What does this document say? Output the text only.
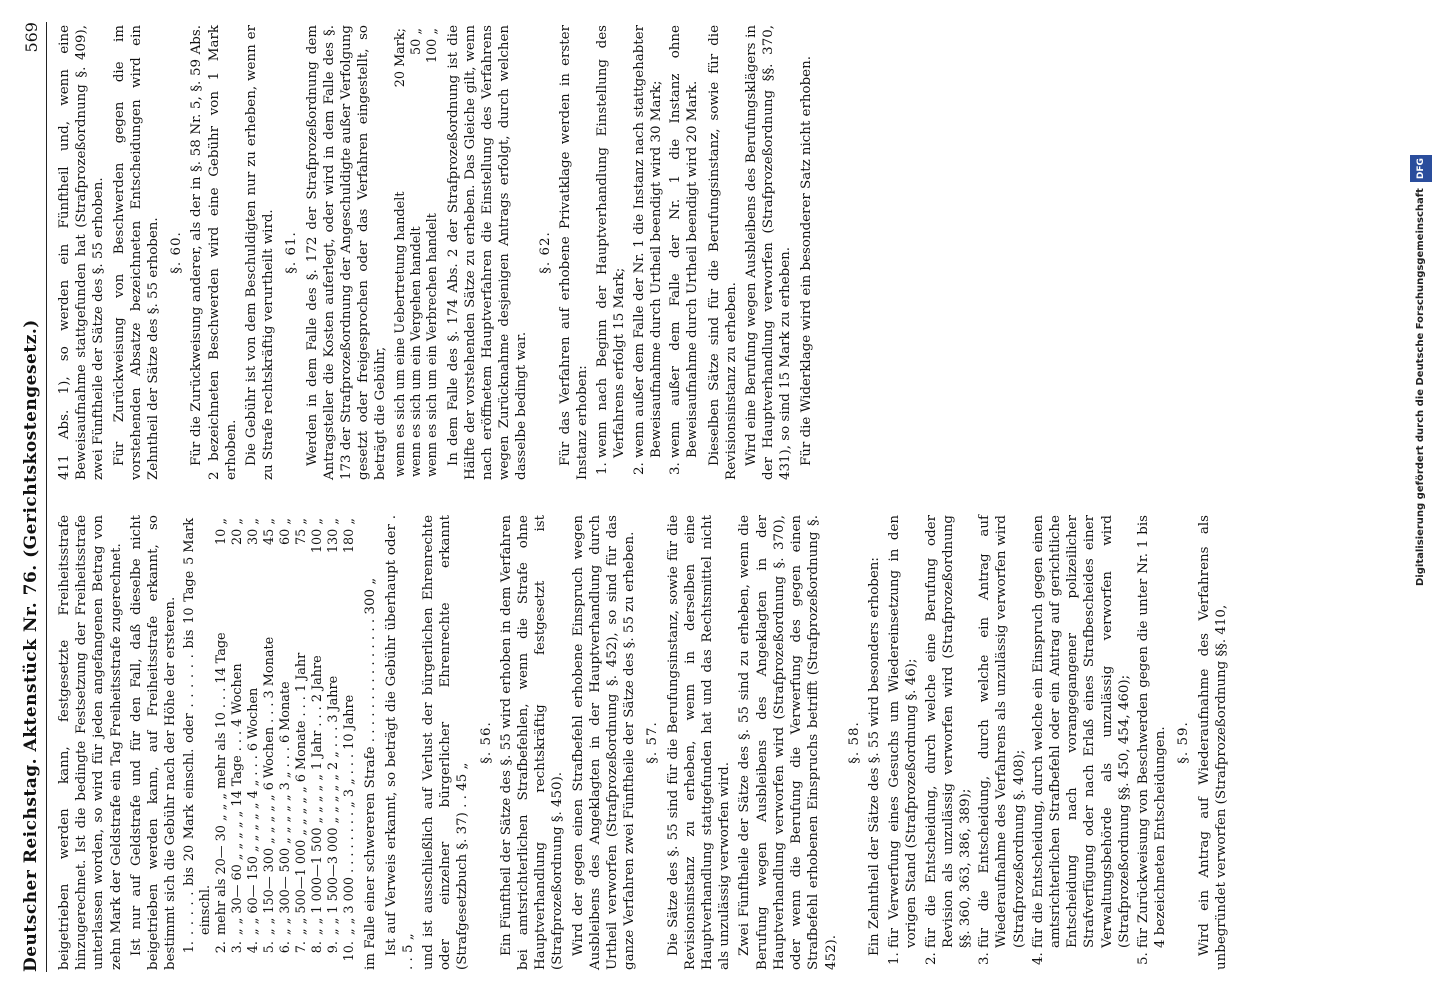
Deutscher Reichstag. Aktenstück Nr. 76. (Gerichtskostengesetz.)
569

beigetrieben werden kann, festgesetzte Freiheitsstrafe hinzugerechnet. Ist die bedingte Festsetzung der Freiheitsstrafe unterlassen worden, so wird für jeden angefangenen Betrag von zehn Mark der Geldstrafe ein Tag Freiheitsstrafe zugerechnet. Ist nur auf Geldstrafe und für den Fall, daß dieselbe nicht beigetrieben werden kann, auf Freiheitsstrafe erkannt, so bestimmt sich die Gebühr nach der Höhe der ersteren. 1.	. . . . . bis 20 Mark einschl. oder . . . . . . bis 10 Tage einschl.	5 Mark
2.	mehr als 20— 30 „ „ „ mehr als 10 . . . 14 Tage	10 „
3.	„ „ 30— 60 „ „ „ „ „ 14 Tage . . . 4 Wochen	20 „
4.	„ „ 60— 150 „ „ „ „ „ 4 „ . . . 6 Wochen	30 „
5.	„ „ 150— 300 „ „ „ „ „ 6 Wochen . . . 3 Monate	45 „
6.	„ „ 300— 500 „ „ „ „ „ 3 „ . . . 6 Monate	60 „
7.	„ „ 500—1 000 „ „ „ „ „ 6 Monate . . . 1 Jahr	75 „
8.	„ „ 1 000—1 500 „ „ „ „ „ 1 Jahr . . . 2 Jahre	100 „
9.	„ „ 1 500—3 000 „ „ „ „ „ 2 „ . . . 3 Jahre	130 „
10.	„ „ 3 000 . . . . . . . . „ 3 „ . . . 10 Jahre	180 „

im Falle einer schwereren Strafe . . . . . . . . . . . . . . . 300 „ Ist auf Verweis erkannt, so beträgt die Gebühr überhaupt oder . . . 5 „ und ist ausschließlich auf Verlust der bürgerlichen Ehrenrechte oder einzelner bürgerlicher Ehrenrechte erkannt (Strafgesetzbuch §. 37) . . 45 „

§. 56. Ein Fünftheil der Sätze des §. 55 wird erhoben in dem Verfahren bei amtsrichterlichen Strafbefehlen, wenn die Strafe ohne Hauptverhandlung rechtskräftig festgesetzt ist (Strafprozeßordnung §. 450). Wird der gegen einen Strafbefehl erhobene Einspruch wegen Ausbleibens des Angeklagten in der Hauptverhandlung durch Urtheil verworfen (Strafprozeßordnung §. 452), so sind für das ganze Verfahren zwei Fünftheile der Sätze des §. 55 zu erheben. §. 57. Die Sätze des §. 55 sind für die Berufungsinstanz, sowie für die Revisionsinstanz zu erheben, wenn in derselben eine Hauptverhandlung stattgefunden hat und das Rechtsmittel nicht als unzulässig verworfen wird. Zwei Fünftheile der Sätze des §. 55 sind zu erheben, wenn die Berufung wegen Ausbleibens des Angeklagten in der Hauptverhandlung verworfen wird (Strafprozeßordnung §. 370), oder wenn die Berufung die Verwerfung des gegen einen Strafbefehl erhobenen Einspruchs betrifft (Strafprozeßordnung §. 452).

§. 58. Ein Zehntheil der Sätze des §. 55 wird besonders erhoben: 1. für Verwerfung eines Gesuchs um Wiedereinsetzung in den vorigen Stand (Strafprozeßordnung §. 46); 2. für die Entscheidung, durch welche eine Berufung oder Revision als unzulässig verworfen wird (Strafprozeßordnung §§. 360, 363, 386, 389); 3. für die Entscheidung, durch welche ein Antrag auf Wiederaufnahme des Verfahrens als unzulässig verworfen wird (Strafprozeßordnung §. 408); 4. für die Entscheidung, durch welche ein Einspruch gegen einen amtsrichterlichen Strafbefehl oder ein Antrag auf gerichtliche Entscheidung nach vorangegangener polizeilicher Strafverfügung oder nach Erlaß eines Strafbescheides einer Verwaltungsbehörde als unzulässig verworfen wird (Strafprozeßordnung §§. 450, 454, 460); 5. für Zurückweisung von Beschwerden gegen die unter Nr. 1 bis 4 bezeichneten Entscheidungen. §. 59. Wird ein Antrag auf Wiederaufnahme des Verfahrens als unbegründet verworfen (Strafprozeßordnung §§. 410,

411 Abs. 1), so werden ein Fünftheil und, wenn eine Beweisaufnahme stattgefunden hat (Strafprozeßordnung §. 409), zwei Fünftheile der Sätze des §. 55 erhoben. Für Zurückweisung von Beschwerden gegen die im vorstehenden Absatze bezeichneten Entscheidungen wird ein Zehntheil der Sätze des §. 55 erhoben. §. 60. Für die Zurückweisung anderer, als der in §. 58 Nr. 5, §. 59 Abs. 2 bezeichneten Beschwerden wird eine Gebühr von 1 Mark erhoben. Die Gebühr ist von dem Beschuldigten nur zu erheben, wenn er zu Strafe rechtskräftig verurtheilt wird. §. 61. Werden in dem Falle des §. 172 der Strafprozeßordnung dem Antragsteller die Kosten auferlegt, oder wird in dem Falle des §. 173 der Strafprozeßordnung der Angeschuldigte außer Verfolgung gesetzt oder freigesprochen oder das Verfahren eingestellt, so beträgt die Gebühr, wenn es sich um eine Uebertretung handelt	20 Mark;
wenn es sich um ein Vergehen handelt	50 „
wenn es sich um ein Verbrechen handelt	100 „ In dem Falle des §. 174 Abs. 2 der Strafprozeßordnung ist die Hälfte der vorstehenden Sätze zu erheben. Das Gleiche gilt, wenn nach eröffnetem Hauptverfahren die Einstellung des Verfahrens wegen Zurücknahme desjenigen Antrags erfolgt, durch welchen dasselbe bedingt war.

§. 62. Für das Verfahren auf erhobene Privatklage werden in erster Instanz erhoben: 1. wenn nach Beginn der Hauptverhandlung Einstellung des Verfahrens erfolgt 15 Mark; 2. wenn außer dem Falle der Nr. 1 die Instanz nach stattgehabter Beweisaufnahme durch Urtheil beendigt wird 30 Mark; 3. wenn außer dem Falle der Nr. 1 die Instanz ohne Beweisaufnahme durch Urtheil beendigt wird 20 Mark. Dieselben Sätze sind für die Berufungsinstanz, sowie für die Revisionsinstanz zu erheben. Wird eine Berufung wegen Ausbleibens des Berufungsklägers in der Hauptverhandlung verworfen (Strafprozeßordnung §§. 370, 431), so sind 15 Mark zu erheben. Für die Widerklage wird ein besonderer Satz nicht erhoben.	Digitalisierung gefördert durch die Deutsche ForschungsgemeinschaftDFG
